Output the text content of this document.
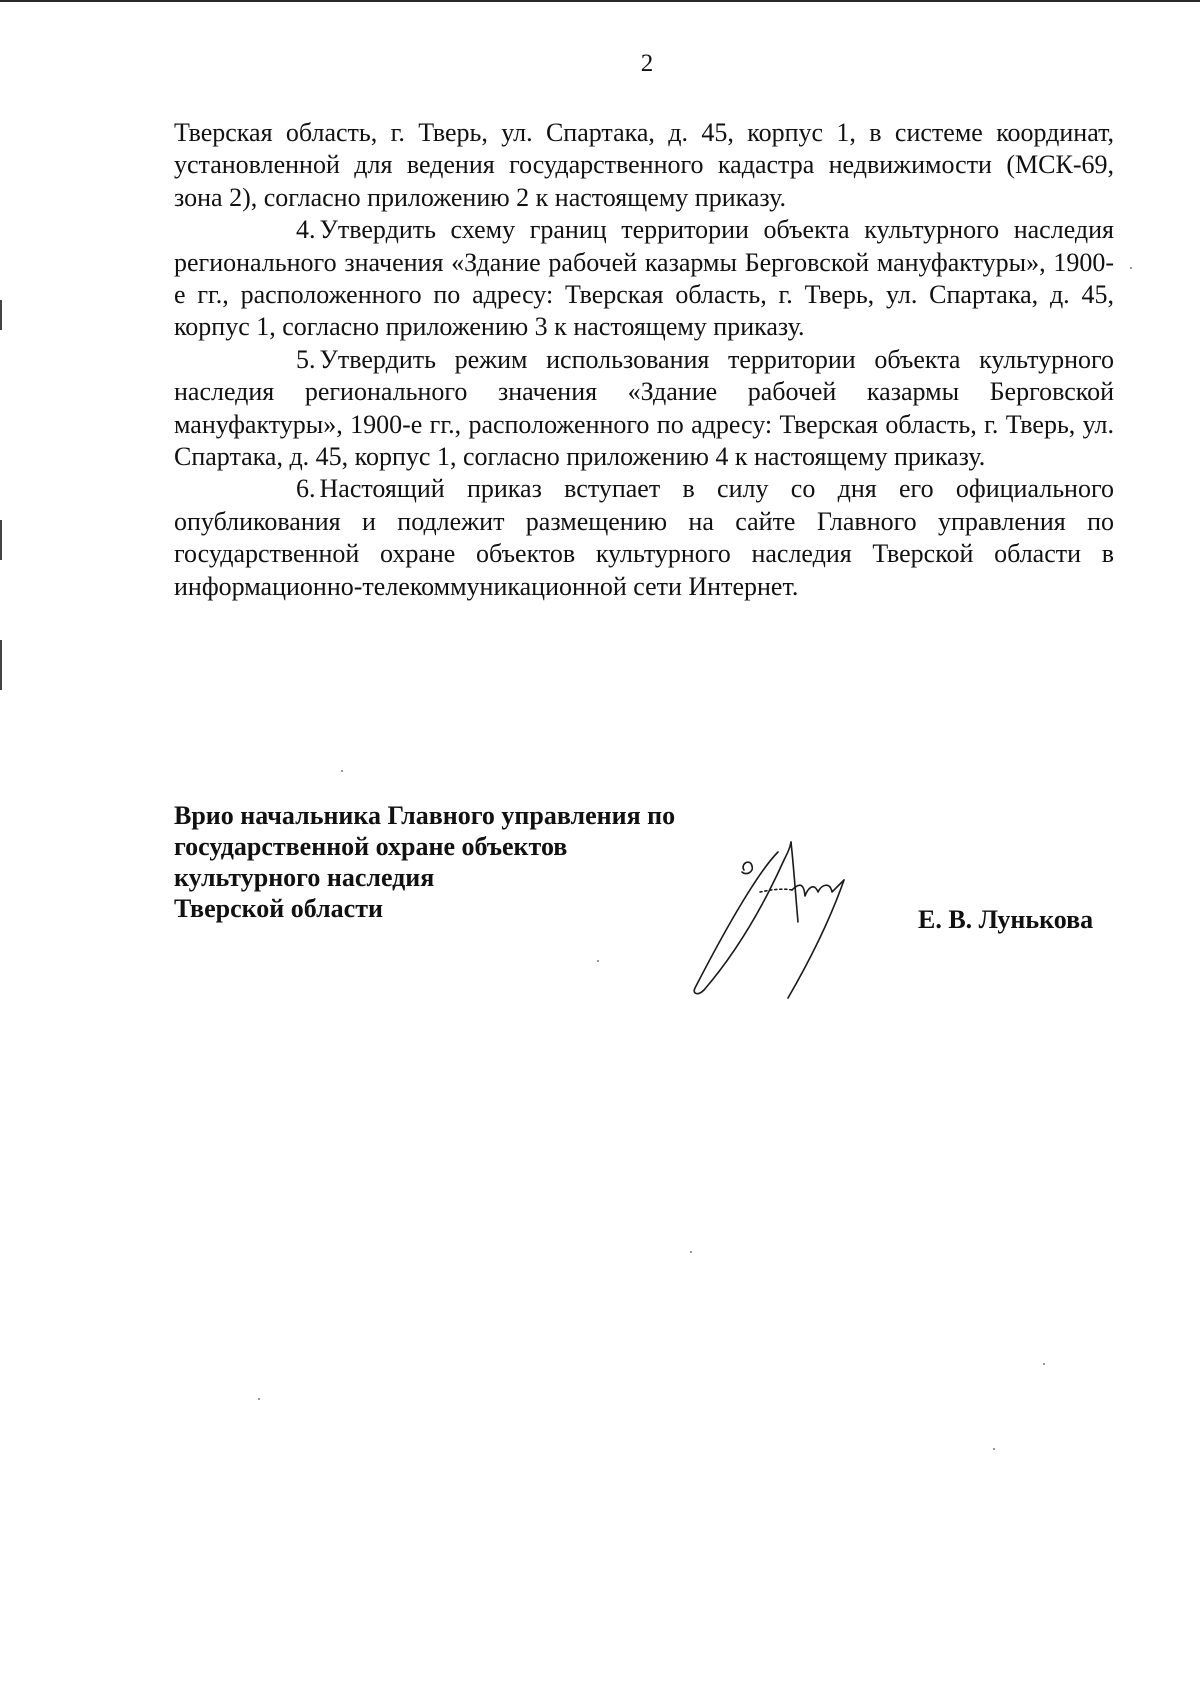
2

Тверская область, г. Тверь, ул. Спартака, д. 45, корпус 1, в системе координат, установленной для ведения государственного кадастра недвижимости (МСК-69, зона 2), согласно приложению 2 к настоящему приказу.

4. Утвердить схему границ территории объекта культурного наследия регионального значения «Здание рабочей казармы Берговской мануфактуры», 1900-е гг., расположенного по адресу: Тверская область, г. Тверь, ул. Спартака, д. 45, корпус 1, согласно приложению 3 к настоящему приказу.

5. Утвердить режим использования территории объекта культурного наследия регионального значения «Здание рабочей казармы Берговской мануфактуры», 1900-е гг., расположенного по адресу: Тверская область, г. Тверь, ул. Спартака, д. 45, корпус 1, согласно приложению 4 к настоящему приказу.

6. Настоящий приказ вступает в силу со дня его официального опубликования и подлежит размещению на сайте Главного управления по государственной охране объектов культурного наследия Тверской области в информационно-телекоммуникационной сети Интернет.

Врио начальника Главного управления по
государственной охране объектов
культурного наследия
Тверской области	Е. В. Лунькова
